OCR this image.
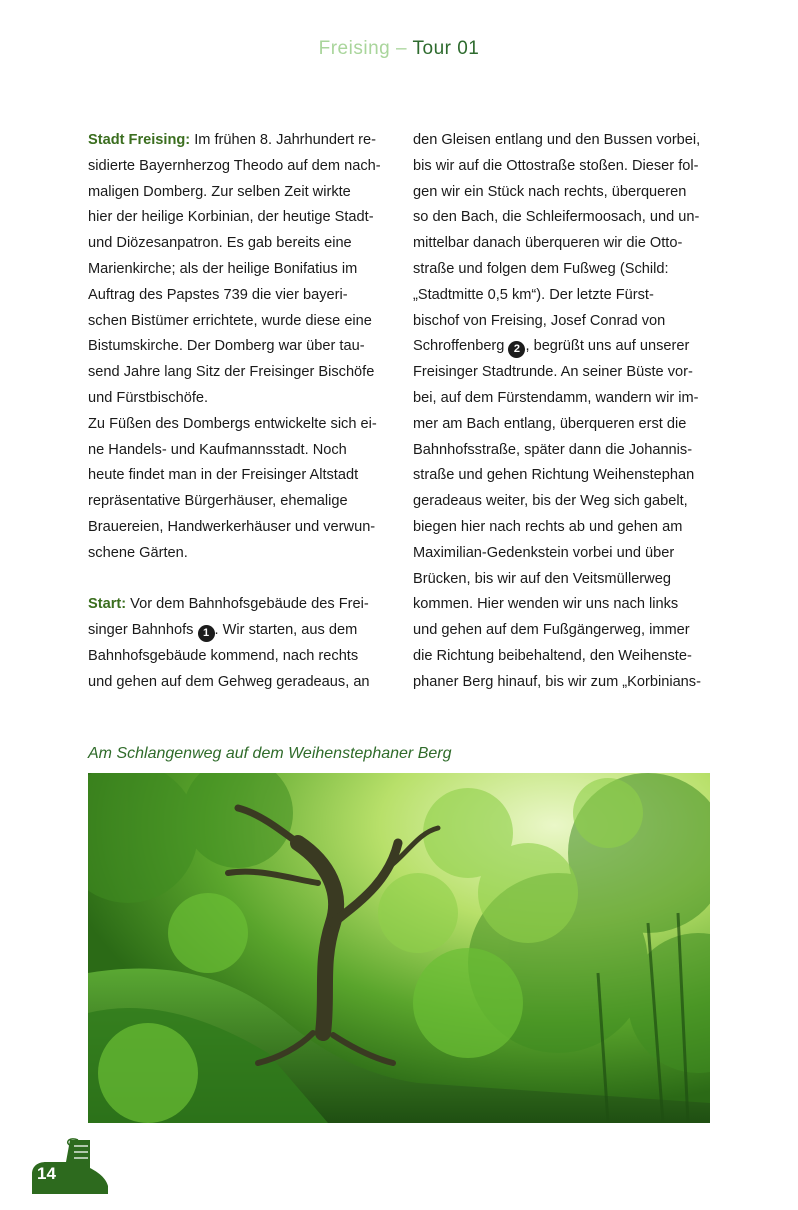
Freising – Tour 01

Stadt Freising: Im frühen 8. Jahrhundert re-
sidierte Bayernherzog Theodo auf dem nach-
maligen Domberg. Zur selben Zeit wirkte
hier der heilige Korbinian, der heutige Stadt-
und Diözesanpatron. Es gab bereits eine
Marienkirche; als der heilige Bonifatius im
Auftrag des Papstes 739 die vier bayeri-
schen Bistümer errichtete, wurde diese eine
Bistumskirche. Der Domberg war über tau-
send Jahre lang Sitz der Freisinger Bischöfe
und Fürstbischöfe.

Zu Füßen des Dombergs entwickelte sich ei-
ne Handels- und Kaufmannsstadt. Noch
heute findet man in der Freisinger Altstadt
repräsentative Bürgerhäuser, ehemalige
Brauereien, Handwerkerhäuser und verwun-
schene Gärten.

Start: Vor dem Bahnhofsgebäude des Frei-
singer Bahnhofs 1 . Wir starten, aus dem
Bahnhofsgebäude kommend, nach rechts
und gehen auf dem Gehweg geradeaus, an

den Gleisen entlang und den Bussen vorbei,
bis wir auf die Ottostraße stoßen. Dieser fol-
gen wir ein Stück nach rechts, überqueren
so den Bach, die Schleifermoosach, und un-
mittelbar danach überqueren wir die Otto-
straße und folgen dem Fußweg (Schild:
„Stadtmitte 0,5 km“). Der letzte Fürst-
bischof von Freising, Josef Conrad von
Schroffenberg 2 , begrüßt uns auf unserer
Freisinger Stadtrunde. An seiner Büste vor-
bei, auf dem Fürstendamm, wandern wir im-
mer am Bach entlang, überqueren erst die
Bahnhofsstraße, später dann die Johannis-
straße und gehen Richtung Weihenstephan
geradeaus weiter, bis der Weg sich gabelt,
biegen hier nach rechts ab und gehen am
Maximilian-Gedenkstein vorbei und über
Brücken, bis wir auf den Veitsmüllerweg
kommen. Hier wenden wir uns nach links
und gehen auf dem Fußgängerweg, immer
die Richtung beibehaltend, den Weihenste-
phaner Berg hinauf, bis wir zum „Korbinians-

Am Schlangenweg auf dem Weihenstephaner Berg
14
